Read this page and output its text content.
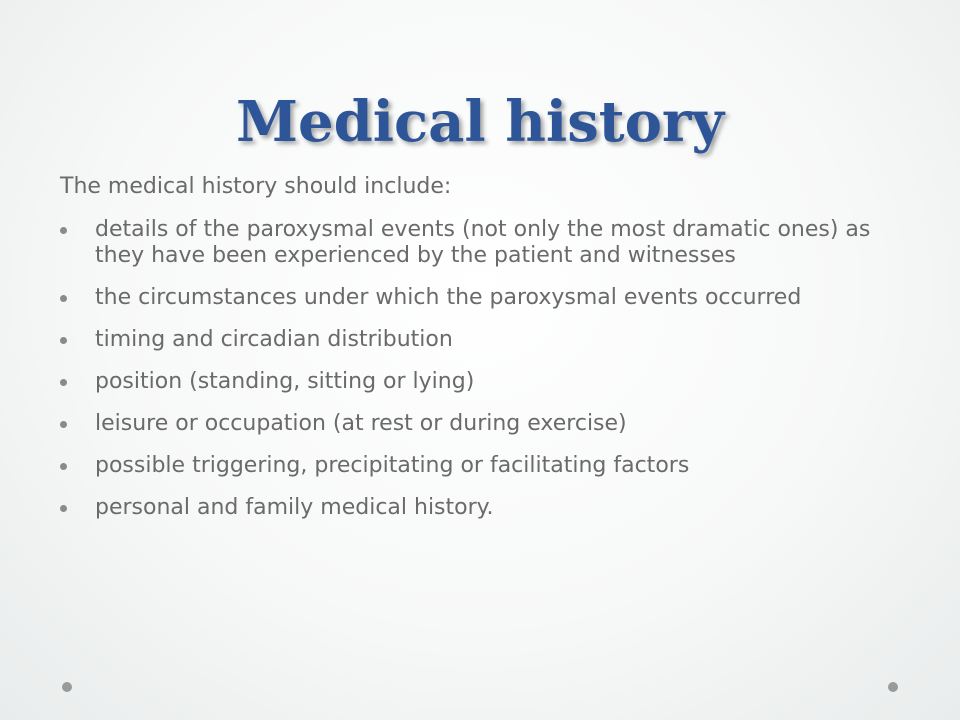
Medical history

The medical history should include:

details of the paroxysmal events (not only the most dramatic ones) as they have been experienced by the patient and witnesses
the circumstances under which the paroxysmal events occurred
timing and circadian distribution
position (standing, sitting or lying)
leisure or occupation (at rest or during exercise)
possible triggering, precipitating or facilitating factors
personal and family medical history.
